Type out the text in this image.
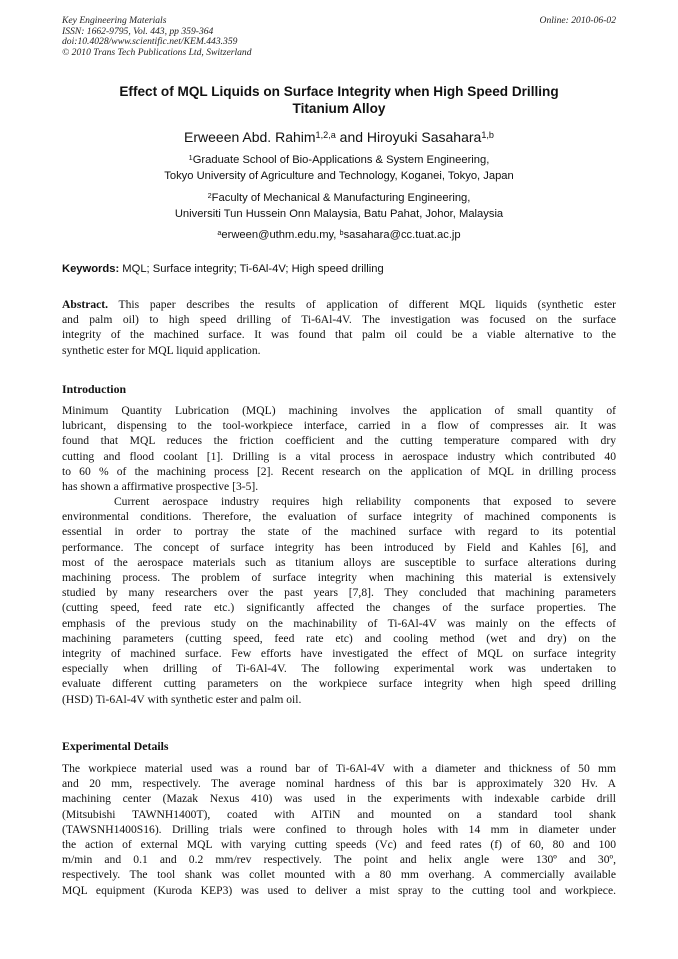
Key Engineering Materials	Online: 2010-06-02
ISSN: 1662-9795, Vol. 443, pp 359-364
doi:10.4028/www.scientific.net/KEM.443.359
© 2010 Trans Tech Publications Ltd, Switzerland
Effect of MQL Liquids on Surface Integrity when High Speed Drilling
Titanium Alloy
Erweeen Abd. Rahim$^{1,2,a}$ and Hiroyuki Sasahara$^{1,b}$
$^1$Graduate School of Bio-Applications & System Engineering,
Tokyo University of Agriculture and Technology, Koganei, Tokyo, Japan
$^2$Faculty of Mechanical & Manufacturing Engineering,
Universiti Tun Hussein Onn Malaysia, Batu Pahat, Johor, Malaysia
$^a$erween@uthm.edu.my, $^b$sasahara@cc.tuat.ac.jp
Keywords: MQL; Surface integrity; Ti-6Al-4V; High speed drilling
Abstract. This paper describes the results of application of different MQL liquids (synthetic ester
and palm oil) to high speed drilling of Ti-6Al-4V. The investigation was focused on the surface
integrity of the machined surface. It was found that palm oil could be a viable alternative to the
synthetic ester for MQL liquid application.
Introduction
Minimum Quantity Lubrication (MQL) machining involves the application of small quantity of
lubricant, dispensing to the tool-workpiece interface, carried in a flow of compresses air. It was
found that MQL reduces the friction coefficient and the cutting temperature compared with dry
cutting and flood coolant [1]. Drilling is a vital process in aerospace industry which contributed 40
to 60 % of the machining process [2]. Recent research on the application of MQL in drilling process
has shown a affirmative prospective [3-5].
Current aerospace industry requires high reliability components that exposed to severe
environmental conditions. Therefore, the evaluation of surface integrity of machined components is
essential in order to portray the state of the machined surface with regard to its potential
performance. The concept of surface integrity has been introduced by Field and Kahles [6], and
most of the aerospace materials such as titanium alloys are susceptible to surface alterations during
machining process. The problem of surface integrity when machining this material is extensively
studied by many researchers over the past years [7,8]. They concluded that machining parameters
(cutting speed, feed rate etc.) significantly affected the changes of the surface properties. The
emphasis of the previous study on the machinability of Ti-6Al-4V was mainly on the effects of
machining parameters (cutting speed, feed rate etc) and cooling method (wet and dry) on the
integrity of machined surface. Few efforts have investigated the effect of MQL on surface integrity
especially when drilling of Ti-6Al-4V. The following experimental work was undertaken to
evaluate different cutting parameters on the workpiece surface integrity when high speed drilling
(HSD) Ti-6Al-4V with synthetic ester and palm oil.
Experimental Details
The workpiece material used was a round bar of Ti-6Al-4V with a diameter and thickness of 50 mm
and 20 mm, respectively. The average nominal hardness of this bar is approximately 320 Hv. A
machining center (Mazak Nexus 410) was used in the experiments with indexable carbide drill
(Mitsubishi TAWNH1400T), coated with AlTiN and mounted on a standard tool shank
(TAWSNH1400S16). Drilling trials were confined to through holes with 14 mm in diameter under
the action of external MQL with varying cutting speeds (Vc) and feed rates (f) of 60, 80 and 100
m/min and 0.1 and 0.2 mm/rev respectively. The point and helix angle were 130º and 30º,
respectively. The tool shank was collet mounted with a 80 mm overhang. A commercially available
MQL equipment (Kuroda KEP3) was used to deliver a mist spray to the cutting tool and workpiece.
